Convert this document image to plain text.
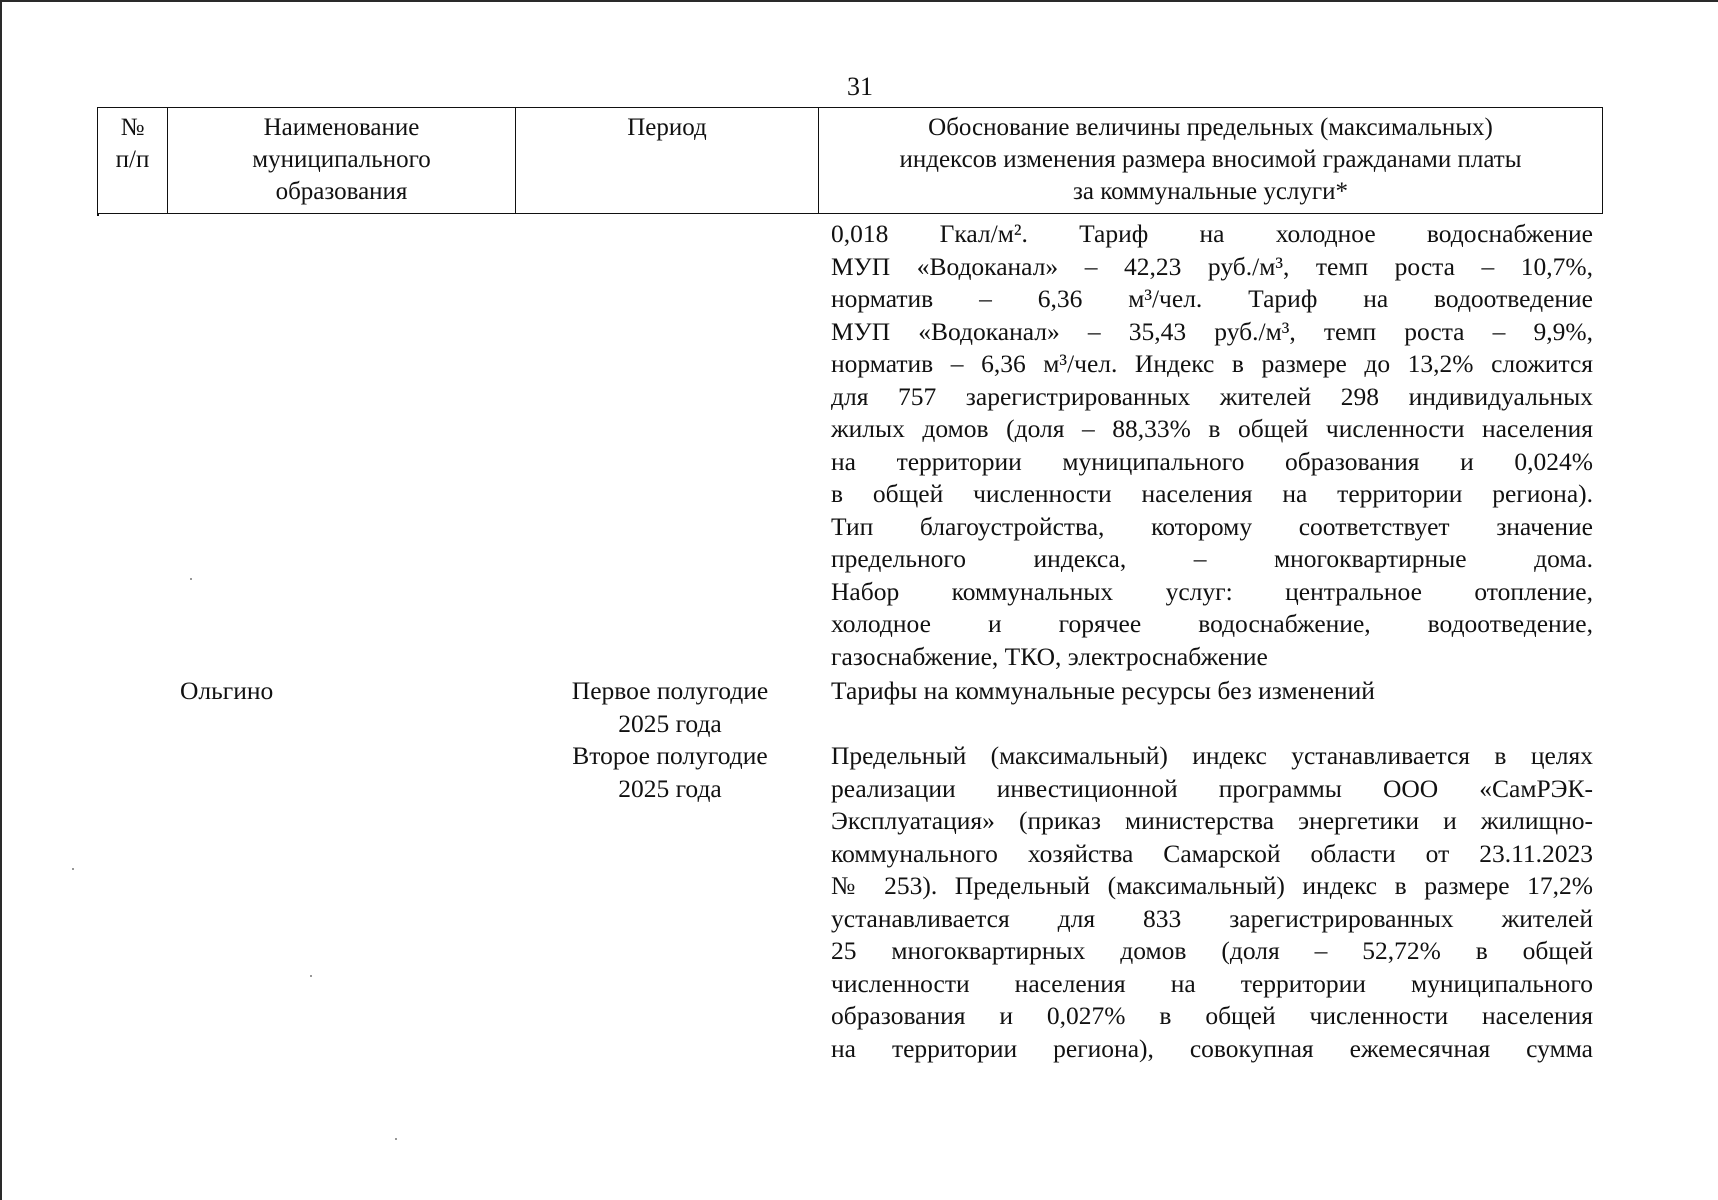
31
№
п/п
Наименование
муниципального
образования
Период	Обоснование величины предельных (максимальных)
индексов изменения размера вносимой гражданами платы
за коммунальные услуги*
0,018 Гкал/м². Тариф на холодное водоснабжение
МУП «Водоканал» – 42,23 руб./м³, темп роста – 10,7%,
норматив – 6,36 м³/чел. Тариф на водоотведение
МУП «Водоканал» – 35,43 руб./м³, темп роста – 9,9%,
норматив – 6,36 м³/чел. Индекс в размере до 13,2% сложится
для 757 зарегистрированных жителей 298 индивидуальных
жилых домов (доля – 88,33% в общей численности населения
на территории муниципального образования и 0,024%
в общей численности населения на территории региона).
Тип благоустройства, которому соответствует значение
предельного индекса, – многоквартирные дома.
Набор коммунальных услуг: центральное отопление,
холодное и горячее водоснабжение, водоотведение,
газоснабжение, ТКО, электроснабжение
Ольгино	Первое полугодие
2025 года
Тарифы на коммунальные ресурсы без изменений
Второе полугодие
2025 года
Предельный (максимальный) индекс устанавливается в целях
реализации инвестиционной программы ООО «СамРЭК-
Эксплуатация» (приказ министерства энергетики и жилищно-
коммунального хозяйства Самарской области от 23.11.2023
№ 253). Предельный (максимальный) индекс в размере 17,2%
устанавливается для 833 зарегистрированных жителей
25 многоквартирных домов (доля – 52,72% в общей
численности населения на территории муниципального
образования и 0,027% в общей численности населения
на территории региона), совокупная ежемесячная сумма
